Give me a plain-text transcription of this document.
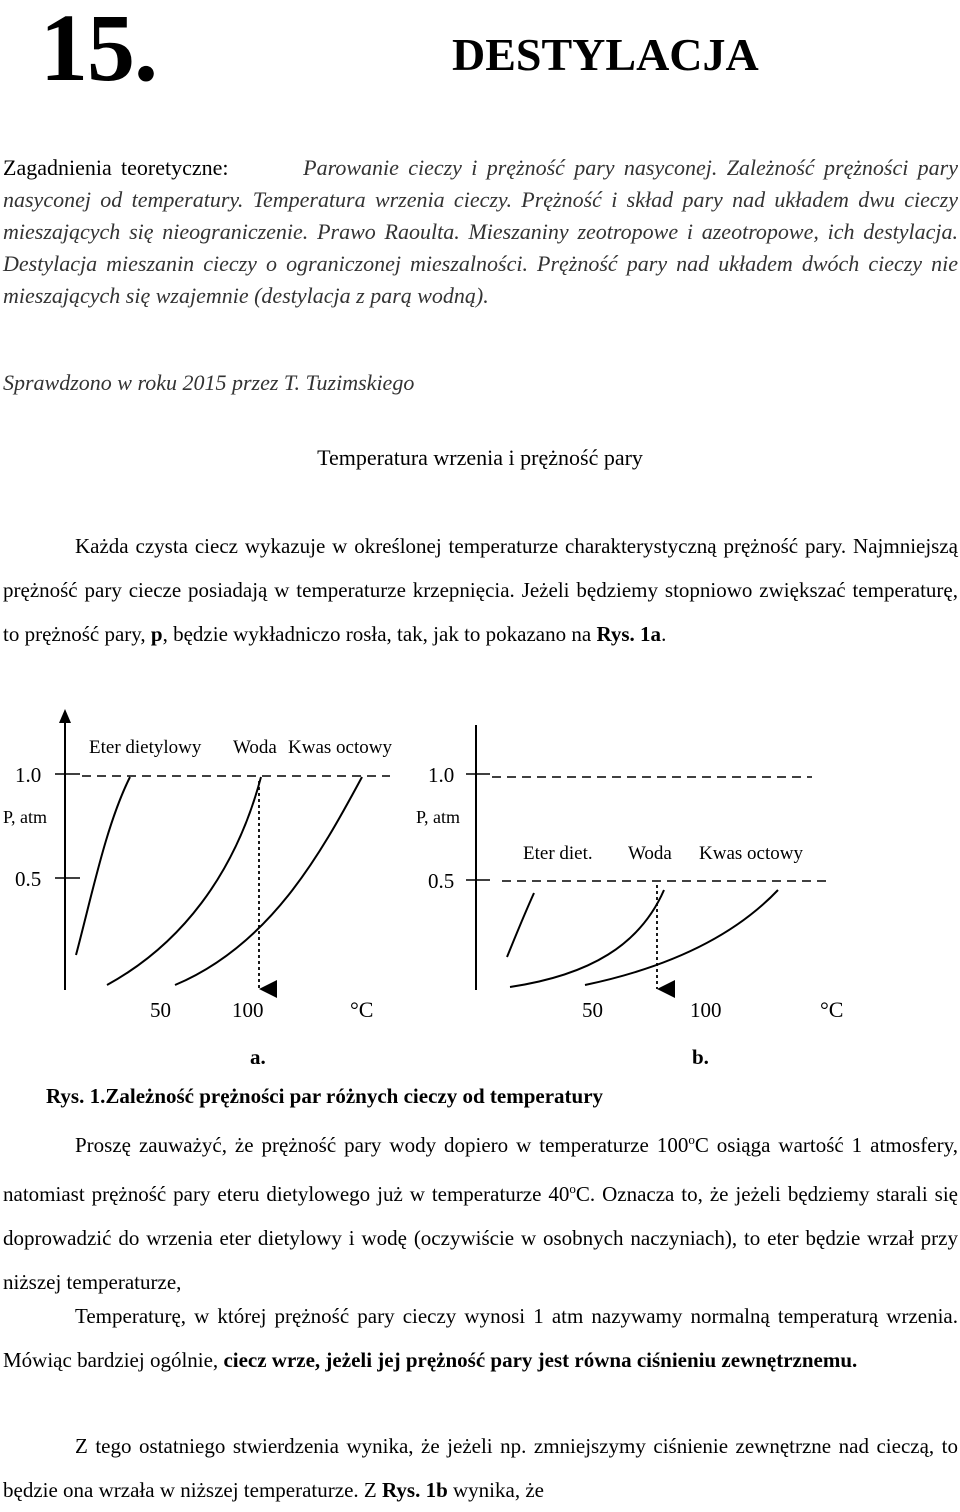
15.	DESTYLACJA
Zagadnienia teoretyczne:	Parowanie cieczy i prężność pary nasyconej. Zależność prężności pary nasyconej od temperatury. Temperatura wrzenia cieczy. Prężność i skład pary nad układem dwu cieczy mieszających się nieograniczenie. Prawo Raoulta. Mieszaniny zeotropowe i azeotropowe, ich destylacja. Destylacja mieszanin cieczy o ograniczonej mieszalności. Prężność pary nad układem dwóch cieczy nie mieszających się wzajemnie (destylacja z parą wodną).
Sprawdzono w roku 2015 przez T. Tuzimskiego
Temperatura wrzenia i prężność pary
Każda czysta ciecz wykazuje w określonej temperaturze charakterystyczną prężność pary. Najmniejszą prężność pary ciecze posiadają w temperaturze krzepnięcia. Jeżeli będziemy stopniowo zwiększać temperaturę, to prężność pary, p, będzie wykładniczo rosła, tak, jak to pokazano na Rys. 1a.
1.0
P, atm
0.5
Eter dietylowy Woda Kwas octowy
50	100	°C
a.
1.0
P, atm
0.5
Eter diet. Woda Kwas octowy
50	100	°C
b.
Rys. 1.Zależność prężności par różnych cieczy od temperatury
Proszę zauważyć, że prężność pary wody dopiero w temperaturze 100$^o$C osiąga wartość 1 atmosfery, natomiast prężność pary eteru dietylowego już w temperaturze 40$^o$C. Oznacza to, że jeżeli będziemy starali się doprowadzić do wrzenia eter dietylowy i wodę (oczywiście w osobnych naczyniach), to eter będzie wrzał przy niższej temperaturze,
Temperaturę, w której prężność pary cieczy wynosi 1 atm nazywamy normalną temperaturą wrzenia. Mówiąc bardziej ogólnie, ciecz wrze, jeżeli jej prężność pary jest równa ciśnieniu zewnętrznemu.
Z tego ostatniego stwierdzenia wynika, że jeżeli np. zmniejszymy ciśnienie zewnętrzne nad cieczą, to będzie ona wrzała w niższej temperaturze. Z Rys. 1b wynika, że
